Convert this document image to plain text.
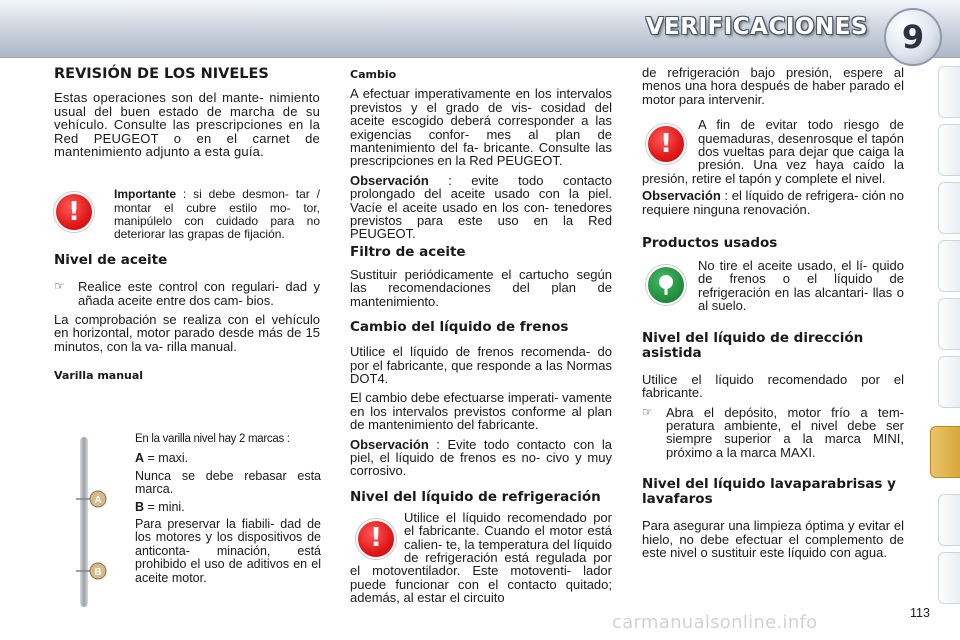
VERIFICACIONES	9
REVISIÓN DE LOS NIVELES

Estas operaciones son del mante- nimiento usual del buen estado de marcha de su vehículo. Consulte las prescripciones en la Red PEUGEOT o en el carnet de mantenimiento adjunto a esta guía.

!

Importante : si debe desmon- tar / montar el cubre estilo mo- tor, manipúlelo con cuidado para no deteriorar las grapas de fijación.

Nivel de aceite
☞	Realice este control con regulari- dad y añada aceite entre dos cam- bios.

La comprobación se realiza con el vehículo en horizontal, motor parado desde más de 15 minutos, con la va- rilla manual.

Varilla manual
A
B
En la varilla nivel hay 2 marcas :
A = maxi.

Nunca se debe rebasar esta marca.

B = mini.

Para preservar la fiabili- dad de los motores y los dispositivos de anticonta- minación, está prohibido el uso de aditivos en el aceite motor.

Cambio

A efectuar imperativamente en los intervalos previstos y el grado de vis- cosidad del aceite escogido deberá corresponder a las exigencias confor- mes al plan de mantenimiento del fa- bricante. Consulte las prescripciones en la Red PEUGEOT.

Observación : evite todo contacto prolongado del aceite usado con la piel. Vacíe el aceite usado en los con- tenedores previstos para este uso en la Red PEUGEOT.

Filtro de aceite

Sustituir periódicamente el cartucho según las recomendaciones del plan de mantenimiento.

Cambio del líquido de frenos

Utilice el líquido de frenos recomenda- do por el fabricante, que responde a las Normas DOT4.

El cambio debe efectuarse imperati- vamente en los intervalos previstos conforme al plan de mantenimiento del fabricante.

Observación : Evite todo contacto con la piel, el líquido de frenos es no- civo y muy corrosivo.

Nivel del líquido de refrigeración
!

Utilice el líquido recomendado por el fabricante. Cuando el motor está calien- te, la temperatura del líquido de refrigeración está regulada por el motoventilador. Este motoventi- lador puede funcionar con el contacto quitado; además, al estar el circuito

de refrigeración bajo presión, espere al menos una hora después de haber parado el motor para intervenir.

!

A fin de evitar todo riesgo de quemaduras, desenrosque el tapón dos vueltas para dejar que caiga la presión. Una vez haya caído la presión, retire el tapón y complete el nivel.

Observación : el líquido de refrigera- ción no requiere ninguna renovación.

Productos usados

No tire el aceite usado, el lí- quido de frenos o el líquido de refrigeración en las alcantari- llas o al suelo.

Nivel del líquido de dirección asistida

Utilice el líquido recomendado por el fabricante.

☞	Abra el depósito, motor frío a tem- peratura ambiente, el nivel debe ser siempre superior a la marca MINI, próximo a la marca MAXI.

Nivel del líquido lavaparabrisas y lavafaros

Para asegurar una limpieza óptima y evitar el hielo, no debe efectuar el complemento de este nivel o sustituir este líquido con agua.

carmanualsonline.info	113
